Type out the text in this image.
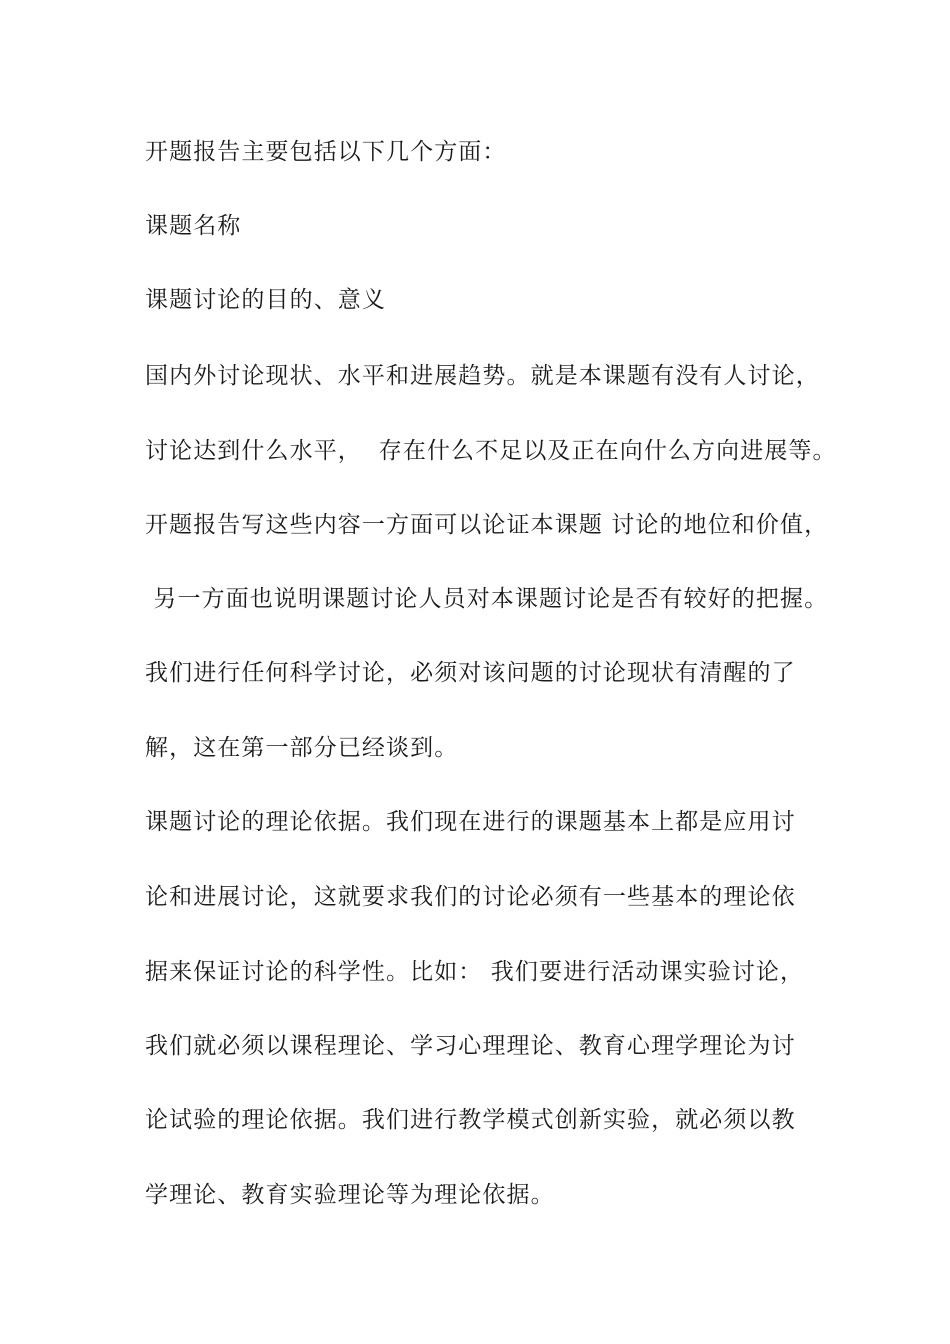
开题报告主要包括以下几个方面：

课题名称

课题讨论的目的、意义

国内外讨论现状、水平和进展趋势。就是本课题有没有人讨论，

讨论达到什么水平，  存在什么不足以及正在向什么方向进展等。

开题报告写这些内容一方面可以论证本课题 讨论的地位和价值，

另一方面也说明课题讨论人员对本课题讨论是否有较好的把握。

我们进行任何科学讨论，必须对该问题的讨论现状有清醒的了

解，这在第一部分已经谈到。

课题讨论的理论依据。我们现在进行的课题基本上都是应用讨

论和进展讨论，这就要求我们的讨论必须有一些基本的理论依

据来保证讨论的科学性。比如： 我们要进行活动课实验讨论，

我们就必须以课程理论、学习心理理论、教育心理学理论为讨

论试验的理论依据。我们进行教学模式创新实验，就必须以教

学理论、教育实验理论等为理论依据。
